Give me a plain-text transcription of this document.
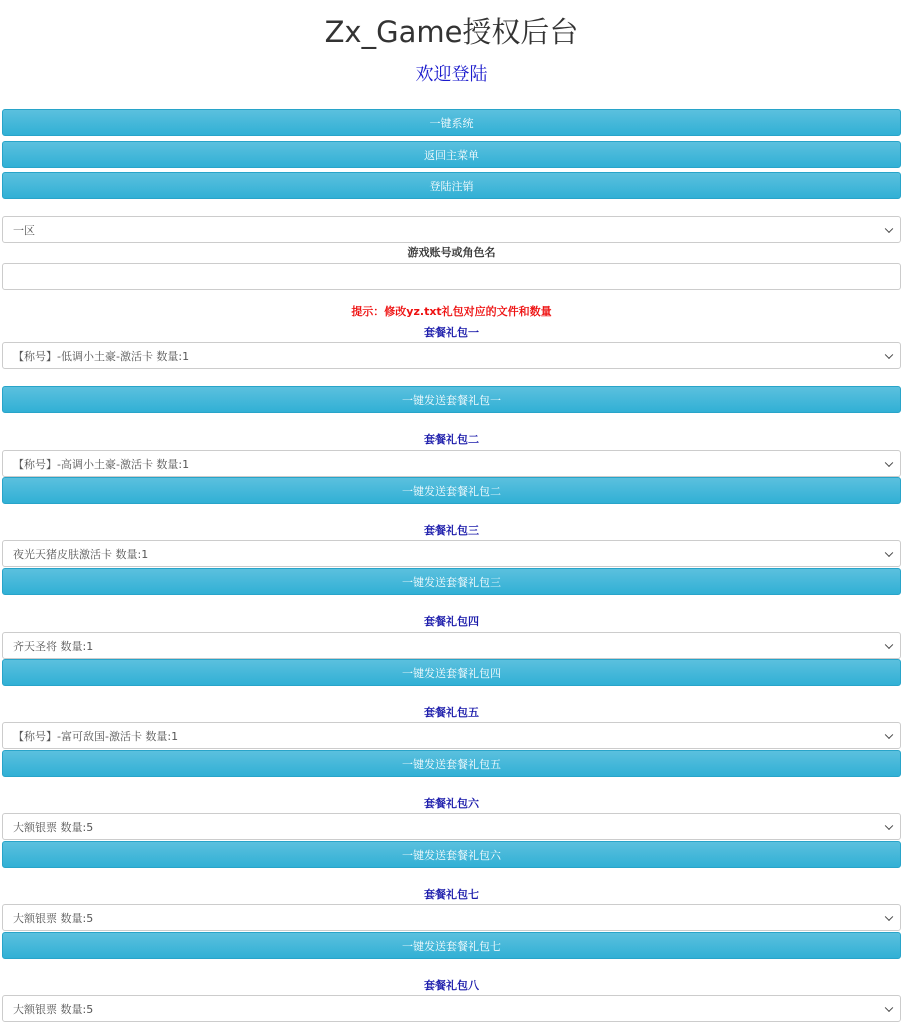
Zx_Game授权后台
欢迎登陆
一键系统
返回主菜单
登陆注销
一区
游戏账号或角色名
提示：修改yz.txt礼包对应的文件和数量
套餐礼包一
【称号】-低调小土豪-激活卡 数量:1
一键发送套餐礼包一
套餐礼包二
【称号】-高调小土豪-激活卡 数量:1
一键发送套餐礼包二
套餐礼包三
夜光天猪皮肤激活卡 数量:1
一键发送套餐礼包三
套餐礼包四
齐天圣将 数量:1
一键发送套餐礼包四
套餐礼包五
【称号】-富可敌国-激活卡 数量:1
一键发送套餐礼包五
套餐礼包六
大额银票 数量:5
一键发送套餐礼包六
套餐礼包七
大额银票 数量:5
一键发送套餐礼包七
套餐礼包八
大额银票 数量:5
